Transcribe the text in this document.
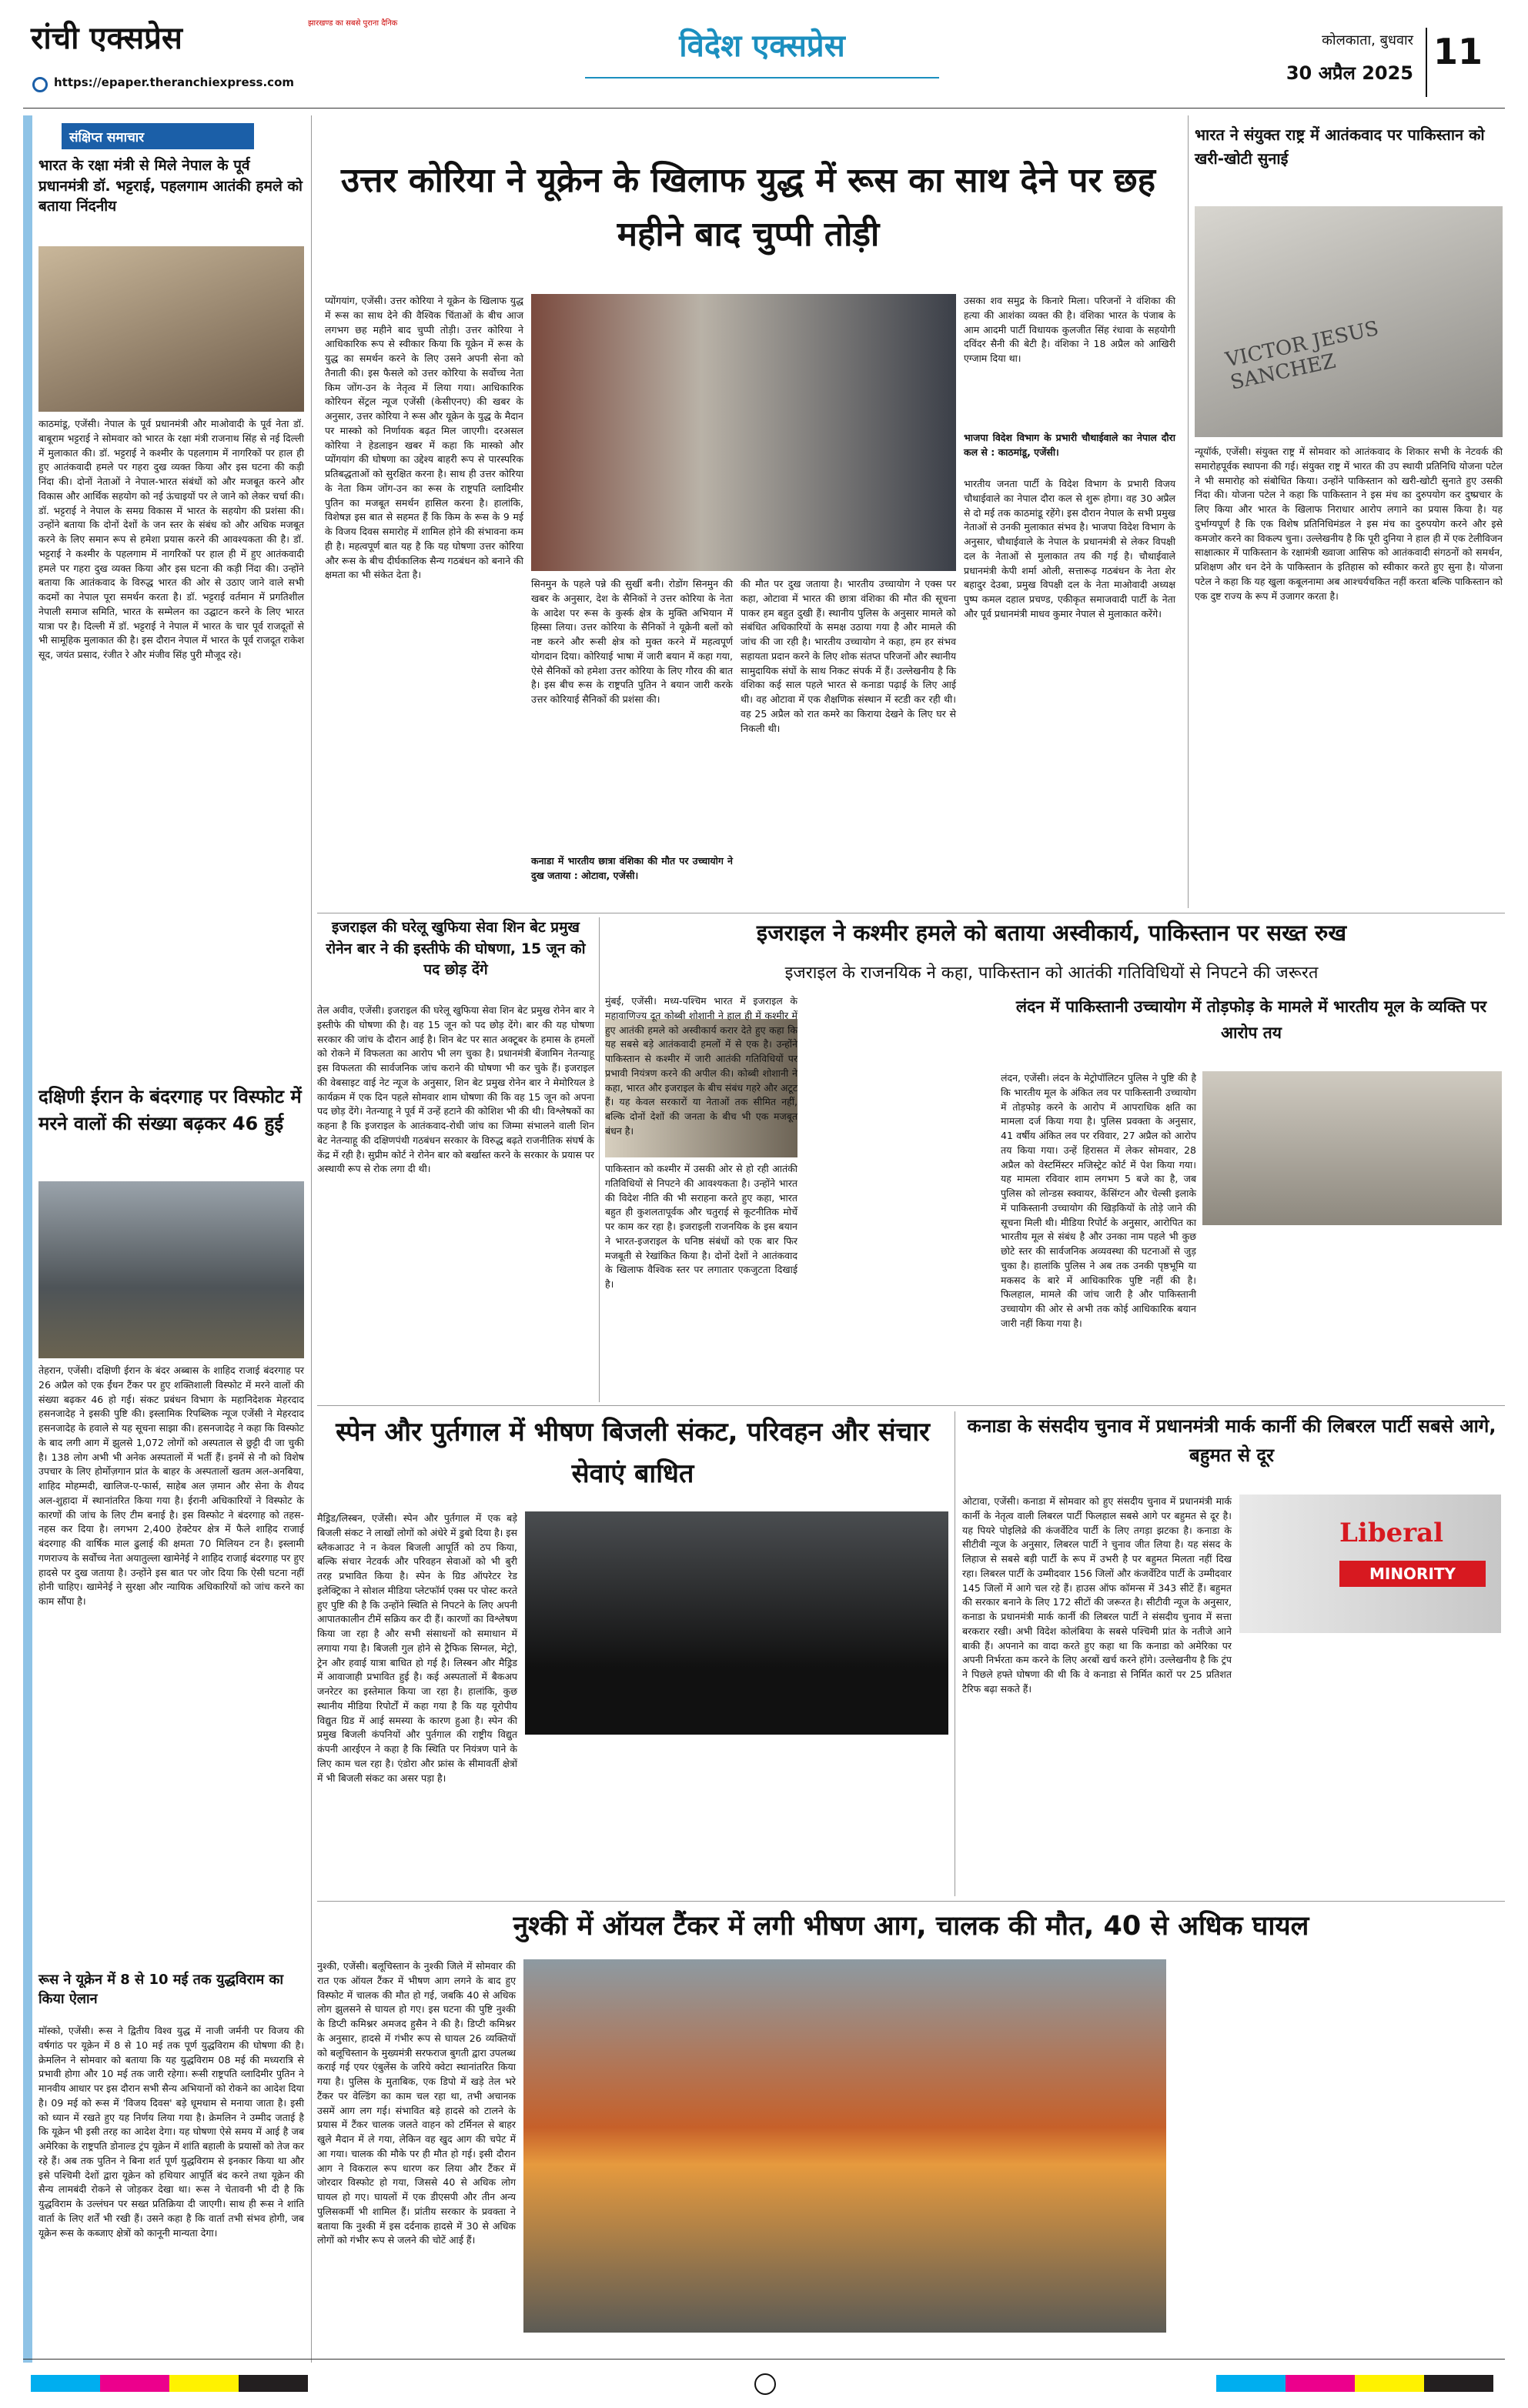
रांची एक्सप्रेस	झारखण्ड का सबसे पुराना दैनिक
https://epaper.theranchiexpress.com
विदेश एक्सप्रेस	कोलकाता, बुधवार
30 अप्रैल 2025
11
संक्षिप्त समाचार
भारत के रक्षा मंत्री से मिले नेपाल के पूर्व प्रधानमंत्री डॉ. भट्टराई, पहलगाम आतंकी हमले को बताया निंदनीय
काठमांडू, एजेंसी। नेपाल के पूर्व प्रधानमंत्री और माओवादी के पूर्व नेता डॉ. बाबूराम भट्टराई ने सोमवार को भारत के रक्षा मंत्री राजनाथ सिंह से नई दिल्ली में मुलाकात की। डॉ. भट्टराई ने कश्मीर के पहलगाम में नागरिकों पर हाल ही हुए आतंकवादी हमले पर गहरा दुख व्यक्त किया और इस घटना की कड़ी निंदा की। दोनों नेताओं ने नेपाल-भारत संबंधों को और मजबूत करने और विकास और आर्थिक सहयोग को नई ऊंचाइयों पर ले जाने को लेकर चर्चा की। डॉ. भट्टराई ने नेपाल के समग्र विकास में भारत के सहयोग की प्रशंसा की। उन्होंने बताया कि दोनों देशों के जन स्तर के संबंध को और अधिक मजबूत करने के लिए समान रूप से हमेशा प्रयास करने की आवश्यकता की है। डॉ. भट्टराई ने कश्मीर के पहलगाम में नागरिकों पर हाल ही में हुए आतंकवादी हमले पर गहरा दुख व्यक्त किया और इस घटना की कड़ी निंदा की। उन्होंने बताया कि आतंकवाद के विरुद्ध भारत की ओर से उठाए जाने वाले सभी कदमों का नेपाल पूरा समर्थन करता है। डॉ. भट्टराई वर्तमान में प्रगतिशील नेपाली समाज समिति, भारत के सम्मेलन का उद्घाटन करने के लिए भारत यात्रा पर है। दिल्ली में डॉ. भट्टराई ने नेपाल में भारत के चार पूर्व राजदूतों से भी सामूहिक मुलाकात की है। इस दौरान नेपाल में भारत के पूर्व राजदूत राकेश सूद, जयंत प्रसाद, रंजीत रे और मंजीव सिंह पुरी मौजूद रहे।
दक्षिणी ईरान के बंदरगाह पर विस्फोट में मरने वालों की संख्या बढ़कर 46 हुई
तेहरान, एजेंसी। दक्षिणी ईरान के बंदर अब्बास के शाहिद राजाई बंदरगाह पर 26 अप्रैल को एक ईंधन टैंकर पर हुए शक्तिशाली विस्फोट में मरने वालों की संख्या बढ़कर 46 हो गई। संकट प्रबंधन विभाग के महानिदेशक मेहरदाद हसनजादेह ने इसकी पुष्टि की। इस्लामिक रिपब्लिक न्यूज एजेंसी ने मेहरदाद हसनजादेह के हवाले से यह सूचना साझा की। हसनजादेह ने कहा कि विस्फोट के बाद लगी आग में झुलसे 1,072 लोगों को अस्पताल से छुट्टी दी जा चुकी है। 138 लोग अभी भी अनेक अस्पतालों में भर्ती हैं। इनमें से नौ को विशेष उपचार के लिए होर्मोज़गान प्रांत के बाहर के अस्पतालों खतम अल-अनबिया, शाहिद मोहम्मदी, खालिज-ए-फार्स, साहेब अल ज़मान और सेना के शैयद अल-शुहादा में स्थानांतरित किया गया है। ईरानी अधिकारियों ने विस्फोट के कारणों की जांच के लिए टीम बनाई है। इस विस्फोट ने बंदरगाह को तहस-नहस कर दिया है। लगभग 2,400 हेक्टेयर क्षेत्र में फैले शाहिद राजाई बंदरगाह की वार्षिक माल ढुलाई की क्षमता 70 मिलियन टन है। इस्लामी गणराज्य के सर्वोच्च नेता अयातुल्ला खामेनेई ने शाहिद राजाई बंदरगाह पर हुए हादसे पर दुख जताया है। उन्होंने इस बात पर जोर दिया कि ऐसी घटना नहीं होनी चाहिए। खामेनेई ने सुरक्षा और न्यायिक अधिकारियों को जांच करने का काम सौंपा है।
रूस ने यूक्रेन में 8 से 10 मई तक युद्धविराम का किया ऐलान
मॉस्को, एजेंसी। रूस ने द्वितीय विश्व युद्ध में नाजी जर्मनी पर विजय की वर्षगांठ पर यूक्रेन में 8 से 10 मई तक पूर्ण युद्धविराम की घोषणा की है। क्रेमलिन ने सोमवार को बताया कि यह युद्धविराम 08 मई की मध्यरात्रि से प्रभावी होगा और 10 मई तक जारी रहेगा। रूसी राष्ट्रपति व्लादिमीर पुतिन ने मानवीय आधार पर इस दौरान सभी सैन्य अभियानों को रोकने का आदेश दिया है। 09 मई को रूस में 'विजय दिवस' बड़े धूमधाम से मनाया जाता है। इसी को ध्यान में रखते हुए यह निर्णय लिया गया है। क्रेमलिन ने उम्मीद जताई है कि यूक्रेन भी इसी तरह का आदेश देगा। यह घोषणा ऐसे समय में आई है जब अमेरिका के राष्ट्रपति डोनाल्ड ट्रंप यूक्रेन में शांति बहाली के प्रयासों को तेज कर रहे हैं। अब तक पुतिन ने बिना शर्त पूर्ण युद्धविराम से इनकार किया था और इसे पश्चिमी देशों द्वारा यूक्रेन को हथियार आपूर्ति बंद करने तथा यूक्रेन की सैन्य लामबंदी रोकने से जोड़कर देखा था। रूस ने चेतावनी भी दी है कि युद्धविराम के उल्लंघन पर सख्त प्रतिक्रिया दी जाएगी। साथ ही रूस ने शांति वार्ता के लिए शर्तें भी रखी हैं। उसने कहा है कि वार्ता तभी संभव होगी, जब यूक्रेन रूस के कब्जाए क्षेत्रों को कानूनी मान्यता देगा।
उत्तर कोरिया ने यूक्रेन के खिलाफ युद्ध में रूस का साथ देने पर छह महीने बाद चुप्पी तोड़ी
प्योंगयांग, एजेंसी। उत्तर कोरिया ने यूक्रेन के खिलाफ युद्ध में रूस का साथ देने की वैश्विक चिंताओं के बीच आज लगभग छह महीने बाद चुप्पी तोड़ी। उत्तर कोरिया ने आधिकारिक रूप से स्वीकार किया कि यूक्रेन में रूस के युद्ध का समर्थन करने के लिए उसने अपनी सेना को तैनाती की। इस फैसले को उत्तर कोरिया के सर्वोच्च नेता किम जोंग-उन के नेतृत्व में लिया गया। आधिकारिक कोरियन सेंट्रल न्यूज एजेंसी (केसीएनए) की खबर के अनुसार, उत्तर कोरिया ने रूस और यूक्रेन के युद्ध के मैदान पर मास्को को निर्णायक बढ़त मिल जाएगी। दरअसल कोरिया ने हेडलाइन खबर में कहा कि मास्को और प्योंगयांग की घोषणा का उद्देश्य बाहरी रूप से पारस्परिक प्रतिबद्धताओं को सुरक्षित करना है। साथ ही उत्तर कोरिया के नेता किम जोंग-उन का रूस के राष्ट्रपति व्लादिमीर पुतिन का मजबूत समर्थन हासिल करना है। हालांकि, विशेषज्ञ इस बात से सहमत हैं कि किम के रूस के 9 मई के विजय दिवस समारोह में शामिल होने की संभावना कम ही है। महत्वपूर्ण बात यह है कि यह घोषणा उत्तर कोरिया और रूस के बीच दीर्घकालिक सैन्य गठबंधन को बनाने की क्षमता का भी संकेत देता है।
सिनमुन के पहले पन्ने की सुर्खी बनी। रोडोंग सिनमुन की खबर के अनुसार, देश के सैनिकों ने उत्तर कोरिया के नेता के आदेश पर रूस के कुर्स्क क्षेत्र के मुक्ति अभियान में हिस्सा लिया। उत्तर कोरिया के सैनिकों ने यूक्रेनी बलों को नष्ट करने और रूसी क्षेत्र को मुक्त करने में महत्वपूर्ण योगदान दिया। कोरियाई भाषा में जारी बयान में कहा गया, ऐसे सैनिकों को हमेशा उत्तर कोरिया के लिए गौरव की बात है। इस बीच रूस के राष्ट्रपति पुतिन ने बयान जारी करके उत्तर कोरियाई सैनिकों की प्रशंसा की।
कनाडा में भारतीय छात्रा वंशिका की मौत पर उच्चायोग ने दुख जताया : ओटावा, एजेंसी।
की मौत पर दुख जताया है। भारतीय उच्चायोग ने एक्स पर कहा, ओटावा में भारत की छात्रा वंशिका की मौत की सूचना पाकर हम बहुत दुखी हैं। स्थानीय पुलिस के अनुसार मामले को संबंधित अधिकारियों के समक्ष उठाया गया है और मामले की जांच की जा रही है। भारतीय उच्चायोग ने कहा, हम हर संभव सहायता प्रदान करने के लिए शोक संतप्त परिजनों और स्थानीय सामुदायिक संघों के साथ निकट संपर्क में हैं। उल्लेखनीय है कि वंशिका कई साल पहले भारत से कनाडा पढ़ाई के लिए आई थी। वह ओटावा में एक शैक्षणिक संस्थान में स्टडी कर रही थी। वह 25 अप्रैल को रात कमरे का किराया देखने के लिए घर से निकली थी।
उसका शव समुद्र के किनारे मिला। परिजनों ने वंशिका की हत्या की आशंका व्यक्त की है। वंशिका भारत के पंजाब के आम आदमी पार्टी विधायक कुलजीत सिंह रंधावा के सहयोगी दविंदर सैनी की बेटी है। वंशिका ने 18 अप्रैल को आखिरी एग्जाम दिया था।
भाजपा विदेश विभाग के प्रभारी चौथाईवाले का नेपाल दौरा कल से : काठमांडू, एजेंसी।
भारतीय जनता पार्टी के विदेश विभाग के प्रभारी विजय चौथाईवाले का नेपाल दौरा कल से शुरू होगा। वह 30 अप्रैल से दो मई तक काठमांडू रहेंगे। इस दौरान नेपाल के सभी प्रमुख नेताओं से उनकी मुलाकात संभव है। भाजपा विदेश विभाग के अनुसार, चौथाईवाले के नेपाल के प्रधानमंत्री से लेकर विपक्षी दल के नेताओं से मुलाकात तय की गई है। चौथाईवाले प्रधानमंत्री केपी शर्मा ओली, सत्तारूढ़ गठबंधन के नेता शेर बहादुर देउबा, प्रमुख विपक्षी दल के नेता माओवादी अध्यक्ष पुष्प कमल दहाल प्रचण्ड, एकीकृत समाजवादी पार्टी के नेता और पूर्व प्रधानमंत्री माधव कुमार नेपाल से मुलाकात करेंगे।
भारत ने संयुक्त राष्ट्र में आतंकवाद पर पाकिस्तान को खरी-खोटी सुनाई
VICTOR JESUS SANCHEZ
न्यूयॉर्क, एजेंसी। संयुक्त राष्ट्र में सोमवार को आतंकवाद के शिकार सभी के नेटवर्क की समारोहपूर्वक स्थापना की गई। संयुक्त राष्ट्र में भारत की उप स्थायी प्रतिनिधि योजना पटेल ने भी समारोह को संबोधित किया। उन्होंने पाकिस्तान को खरी-खोटी सुनाते हुए उसकी निंदा की। योजना पटेल ने कहा कि पाकिस्तान ने इस मंच का दुरुपयोग कर दुष्प्रचार के लिए किया और भारत के खिलाफ निराधार आरोप लगाने का प्रयास किया है। यह दुर्भाग्यपूर्ण है कि एक विशेष प्रतिनिधिमंडल ने इस मंच का दुरुपयोग करने और इसे कमजोर करने का विकल्प चुना। उल्लेखनीय है कि पूरी दुनिया ने हाल ही में एक टेलीविजन साक्षात्कार में पाकिस्तान के रक्षामंत्री ख्वाजा आसिफ को आतंकवादी संगठनों को समर्थन, प्रशिक्षण और धन देने के पाकिस्तान के इतिहास को स्वीकार करते हुए सुना है। योजना पटेल ने कहा कि यह खुला कबूलनामा अब आश्चर्यचकित नहीं करता बल्कि पाकिस्तान को एक दुष्ट राज्य के रूप में उजागर करता है।
इजराइल की घरेलू खुफिया सेवा शिन बेट प्रमुख रोनेन बार ने की इस्तीफे की घोषणा, 15 जून को पद छोड़ देंगे
तेल अवीव, एजेंसी। इजराइल की घरेलू खुफिया सेवा शिन बेट प्रमुख रोनेन बार ने इस्तीफे की घोषणा की है। वह 15 जून को पद छोड़ देंगे। बार की यह घोषणा सरकार की जांच के दौरान आई है। शिन बेट पर सात अक्टूबर के हमास के हमलों को रोकने में विफलता का आरोप भी लग चुका है। प्रधानमंत्री बेंजामिन नेतन्याहू इस विफलता की सार्वजनिक जांच कराने की घोषणा भी कर चुके हैं। इजराइल की वेबसाइट वाई नेट न्यूज के अनुसार, शिन बेट प्रमुख रोनेन बार ने मेमोरियल डे कार्यक्रम में एक दिन पहले सोमवार शाम घोषणा की कि वह 15 जून को अपना पद छोड़ देंगे। नेतन्याहू ने पूर्व में उन्हें हटाने की कोशिश भी की थी। विश्लेषकों का कहना है कि इजराइल के आतंकवाद-रोधी जांच का जिम्मा संभालने वाली शिन बेट नेतन्याहू की दक्षिणपंथी गठबंधन सरकार के विरुद्ध बढ़ते राजनीतिक संघर्ष के केंद्र में रही है। सुप्रीम कोर्ट ने रोनेन बार को बर्खास्त करने के सरकार के प्रयास पर अस्थायी रूप से रोक लगा दी थी।
इजराइल ने कश्मीर हमले को बताया अस्वीकार्य, पाकिस्तान पर सख्त रुख
इजराइल के राजनयिक ने कहा, पाकिस्तान को आतंकी गतिविधियों से निपटने की जरूरत
मुंबई, एजेंसी। मध्य-पश्चिम भारत में इजराइल के महावाणिज्य दूत कोब्बी शोशानी ने हाल ही में कश्मीर में हुए आतंकी हमले को अस्वीकार्य करार देते हुए कहा कि यह सबसे बड़े आतंकवादी हमलों में से एक है। उन्होंने पाकिस्तान से कश्मीर में जारी आतंकी गतिविधियों पर प्रभावी नियंत्रण करने की अपील की। कोब्बी शोशानी ने कहा, भारत और इजराइल के बीच संबंध गहरे और अटूट हैं। यह केवल सरकारों या नेताओं तक सीमित नहीं, बल्कि दोनों देशों की जनता के बीच भी एक मजबूत बंधन है।
पाकिस्तान को कश्मीर में उसकी ओर से हो रही आतंकी गतिविधियों से निपटने की आवश्यकता है। उन्होंने भारत की विदेश नीति की भी सराहना करते हुए कहा, भारत बहुत ही कुशलतापूर्वक और चतुराई से कूटनीतिक मोर्चे पर काम कर रहा है। इजराइली राजनयिक के इस बयान ने भारत-इजराइल के घनिष्ठ संबंधों को एक बार फिर मजबूती से रेखांकित किया है। दोनों देशों ने आतंकवाद के खिलाफ वैश्विक स्तर पर लगातार एकजुटता दिखाई है।
लंदन में पाकिस्तानी उच्चायोग में तोड़फोड़ के मामले में भारतीय मूल के व्यक्ति पर आरोप तय
लंदन, एजेंसी। लंदन के मेट्रोपॉलिटन पुलिस ने पुष्टि की है कि भारतीय मूल के अंकित लव पर पाकिस्तानी उच्चायोग में तोड़फोड़ करने के आरोप में आपराधिक क्षति का मामला दर्ज किया गया है। पुलिस प्रवक्ता के अनुसार, 41 वर्षीय अंकित लव पर रविवार, 27 अप्रैल को आरोप तय किया गया। उन्हें हिरासत में लेकर सोमवार, 28 अप्रैल को वेस्टमिंस्टर मजिस्ट्रेट कोर्ट में पेश किया गया। यह मामला रविवार शाम लगभग 5 बजे का है, जब पुलिस को लोन्डस स्क्वायर, केंसिंग्टन और चेल्सी इलाके में पाकिस्तानी उच्चायोग की खिड़कियों के तोड़े जाने की सूचना मिली थी। मीडिया रिपोर्ट के अनुसार, आरोपित का भारतीय मूल से संबंध है और उनका नाम पहले भी कुछ छोटे स्तर की सार्वजनिक अव्यवस्था की घटनाओं से जुड़ चुका है। हालांकि पुलिस ने अब तक उनकी पृष्ठभूमि या मकसद के बारे में आधिकारिक पुष्टि नहीं की है। फिलहाल, मामले की जांच जारी है और पाकिस्तानी उच्चायोग की ओर से अभी तक कोई आधिकारिक बयान जारी नहीं किया गया है।
स्पेन और पुर्तगाल में भीषण बिजली संकट, परिवहन और संचार सेवाएं बाधित
मैड्रिड/लिस्बन, एजेंसी। स्पेन और पुर्तगाल में एक बड़े बिजली संकट ने लाखों लोगों को अंधेरे में डुबो दिया है। इस ब्लैकआउट ने न केवल बिजली आपूर्ति को ठप किया, बल्कि संचार नेटवर्क और परिवहन सेवाओं को भी बुरी तरह प्रभावित किया है। स्पेन के ग्रिड ऑपरेटर रेड इलेक्ट्रिका ने सोशल मीडिया प्लेटफॉर्म एक्स पर पोस्ट करते हुए पुष्टि की है कि उन्होंने स्थिति से निपटने के लिए अपनी आपातकालीन टीमें सक्रिय कर दी हैं। कारणों का विश्लेषण किया जा रहा है और सभी संसाधनों को समाधान में लगाया गया है। बिजली गुल होने से ट्रैफिक सिग्नल, मेट्रो, ट्रेन और हवाई यात्रा बाधित हो गई है। लिस्बन और मैड्रिड में आवाजाही प्रभावित हुई है। कई अस्पतालों में बैकअप जनरेटर का इस्तेमाल किया जा रहा है। हालांकि, कुछ स्थानीय मीडिया रिपोर्टों में कहा गया है कि यह यूरोपीय विद्युत ग्रिड में आई समस्या के कारण हुआ है। स्पेन की प्रमुख बिजली कंपनियों और पुर्तगाल की राष्ट्रीय विद्युत कंपनी आरईएन ने कहा है कि स्थिति पर नियंत्रण पाने के लिए काम चल रहा है। एंडोरा और फ्रांस के सीमावर्ती क्षेत्रों में भी बिजली संकट का असर पड़ा है।
कनाडा के संसदीय चुनाव में प्रधानमंत्री मार्क कार्नी की लिबरल पार्टी सबसे आगे, बहुमत से दूर
Liberal
MINORITY
ओटावा, एजेंसी। कनाडा में सोमवार को हुए संसदीय चुनाव में प्रधानमंत्री मार्क कार्नी के नेतृत्व वाली लिबरल पार्टी फिलहाल सबसे आगे पर बहुमत से दूर है। यह पियरे पोइलिव्रे की कंजर्वेटिव पार्टी के लिए तगड़ा झटका है। कनाडा के सीटीवी न्यूज के अनुसार, लिबरल पार्टी ने चुनाव जीत लिया है। यह संसद के लिहाज से सबसे बड़ी पार्टी के रूप में उभरी है पर बहुमत मिलता नहीं दिख रहा। लिबरल पार्टी के उम्मीदवार 156 जिलों और कंजर्वेटिव पार्टी के उम्मीदवार 145 जिलों में आगे चल रहे हैं। हाउस ऑफ कॉमन्स में 343 सीटें हैं। बहुमत की सरकार बनाने के लिए 172 सीटों की जरूरत है। सीटीवी न्यूज के अनुसार, कनाडा के प्रधानमंत्री मार्क कार्नी की लिबरल पार्टी ने संसदीय चुनाव में सत्ता बरकरार रखी। अभी विदेश कोलंबिया के सबसे पश्चिमी प्रांत के नतीजे आने बाकी हैं। अपनाने का वादा करते हुए कहा था कि कनाडा को अमेरिका पर अपनी निर्भरता कम करने के लिए अरबों खर्च करने होंगे। उल्लेखनीय है कि ट्रंप ने पिछले हफ्ते घोषणा की थी कि वे कनाडा से निर्मित कारों पर 25 प्रतिशत टैरिफ बढ़ा सकते हैं।
नुश्की में ऑयल टैंकर में लगी भीषण आग, चालक की मौत, 40 से अधिक घायल
नुश्की, एजेंसी। बलूचिस्तान के नुश्की जिले में सोमवार की रात एक ऑयल टैंकर में भीषण आग लगने के बाद हुए विस्फोट में चालक की मौत हो गई, जबकि 40 से अधिक लोग झुलसने से घायल हो गए। इस घटना की पुष्टि नुश्की के डिप्टी कमिश्नर अमजद हुसैन ने की है। डिप्टी कमिश्नर के अनुसार, हादसे में गंभीर रूप से घायल 26 व्यक्तियों को बलूचिस्तान के मुख्यमंत्री सरफराज बुगती द्वारा उपलब्ध कराई गई एयर एंबुलेंस के जरिये क्वेटा स्थानांतरित किया गया है। पुलिस के मुताबिक, एक डिपो में खड़े तेल भरे टैंकर पर वेल्डिंग का काम चल रहा था, तभी अचानक उसमें आग लग गई। संभावित बड़े हादसे को टालने के प्रयास में टैंकर चालक जलते वाहन को टर्मिनल से बाहर खुले मैदान में ले गया, लेकिन वह खुद आग की चपेट में आ गया। चालक की मौके पर ही मौत हो गई। इसी दौरान आग ने विकराल रूप धारण कर लिया और टैंकर में जोरदार विस्फोट हो गया, जिससे 40 से अधिक लोग घायल हो गए। घायलों में एक डीएसपी और तीन अन्य पुलिसकर्मी भी शामिल हैं। प्रांतीय सरकार के प्रवक्ता ने बताया कि नुश्की में इस दर्दनाक हादसे में 30 से अधिक लोगों को गंभीर रूप से जलने की चोटें आई हैं।
